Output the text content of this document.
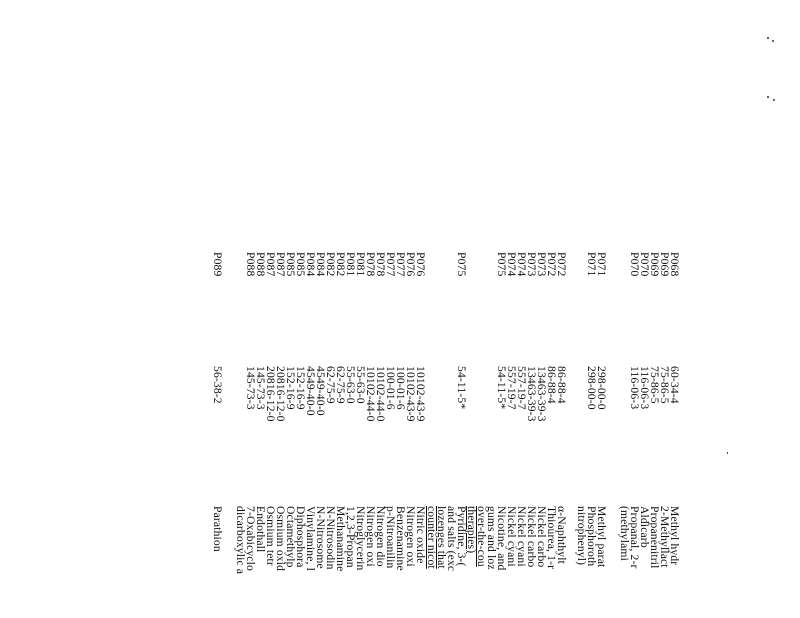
P068
60-34-4
Methyl hydr
P069
75-86-5
2-Methyllact
P069
75-86-5
Propanenitril
P070
116-06-3
Aldicarb
P070
116-06-3
Propanal, 2-r
(methylami
P071
298-00-0
Methyl parat
P071
298-00-0
Phosphoroth
nitrophenyl)
P072
86-88-4
α-Naphthylt
P072
86-88-4
Thiourea, 1-r
P073
13463-39-3
Nickel carbo
P073
13463-39-3
Nickel carbo
P074
557-19-7
Nickel cyani
P074
557-19-7
Nickel cyani
P075
54-11-5*
Nicotine, and
gums and loz
over-the-cou
therapies)
P075
54-11-5*
Pyridine, 3-(
and salts (exc
lozenges that
counter nicot
P076
10102-43-9
Nitric oxide
P076
10102-43-9
Nitrogen oxi
P077
100-01-6
Benzenamine
P077
100-01-6
p-Nitroanilin
P078
10102-44-0
Nitrogen dio
P078
10102-44-0
Nitrogen oxi
P081
55-63-0
Nitroglycerin
P081
55-63-0
1,2,3-Propan
P082
62-75-9
Methanamine
P082
62-75-9
N-Nitrosodin
P084
4549-40-0
N-Nitrosome
P084
4549-40-0
Vinylamine, l
P085
152-16-9
Diphosphora
P085
152-16-9
Octamethylp
P087
20816-12-0
Osmium oxid
P087
20816-12-0
Osmium tetr
P088
145-73-3
Endothall
P088
145-73-3
7-Oxabicyclo
dicarboxylic a
P089
56-38-2
Parathion
